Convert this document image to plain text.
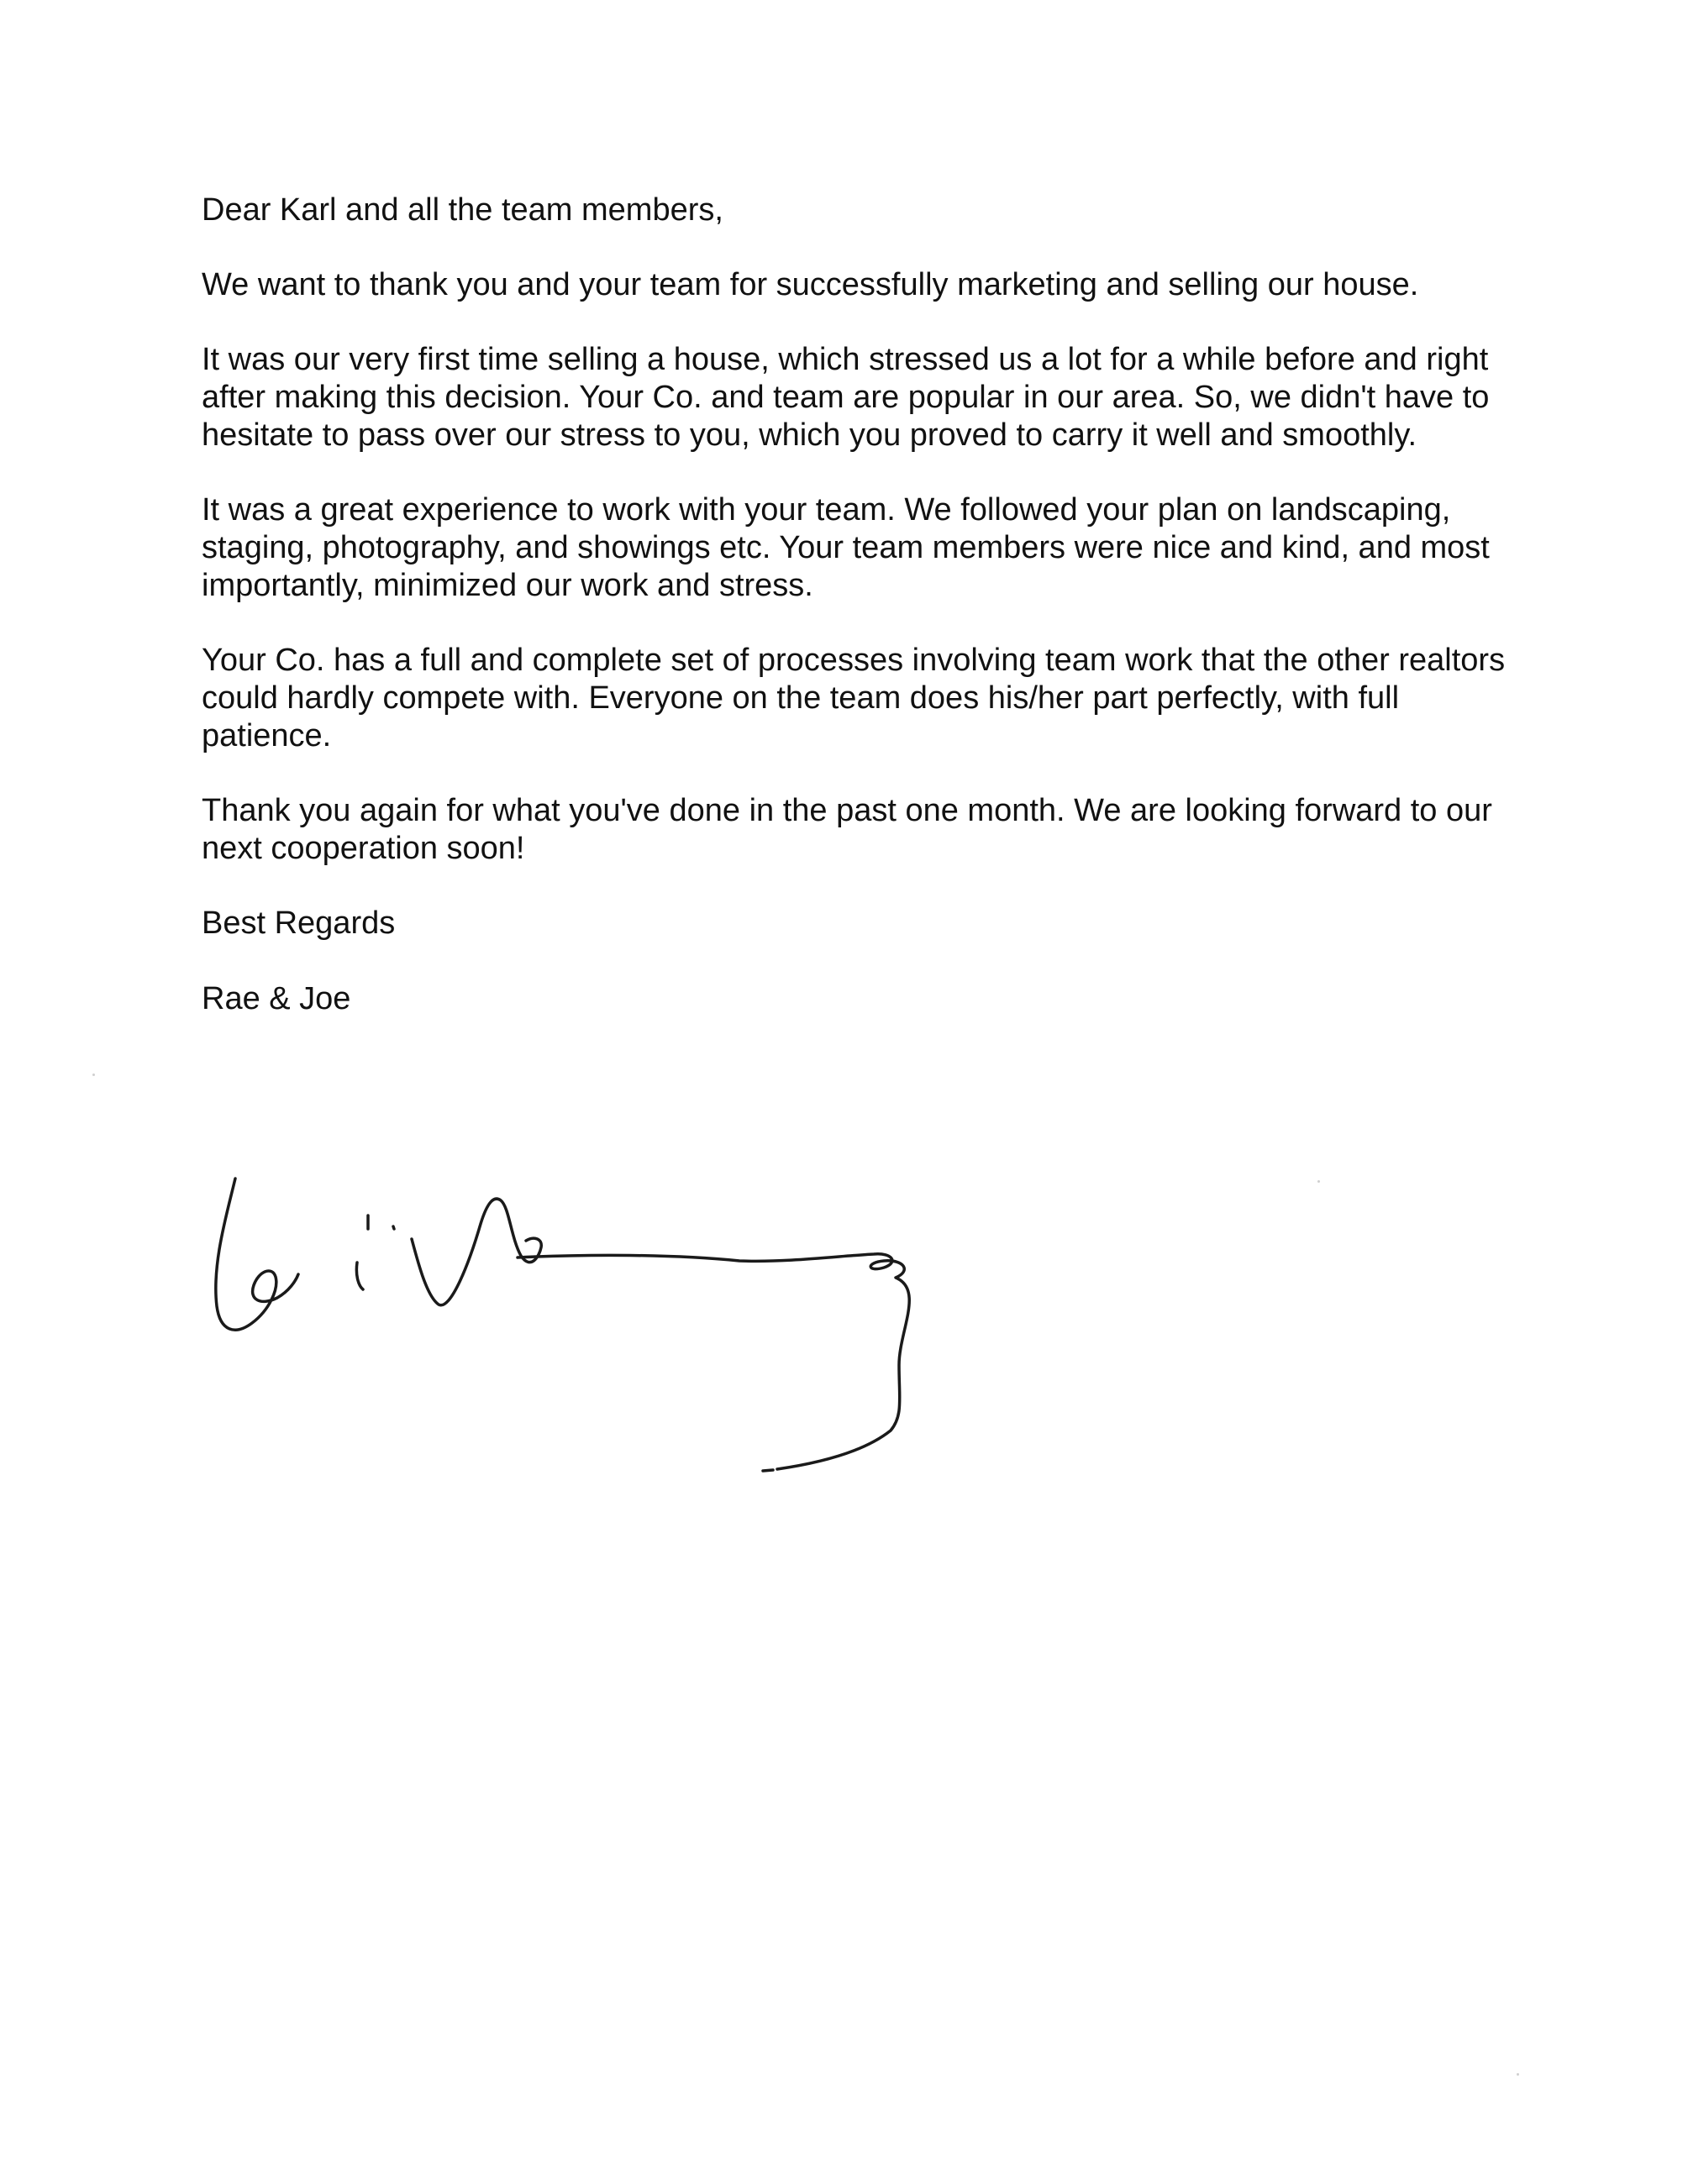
Dear Karl and all the team members,

We want to thank you and your team for successfully marketing and selling our house.

It was our very first time selling a house, which stressed us a lot for a while before and right after making this decision. Your Co. and team are popular in our area. So, we didn't have to hesitate to pass over our stress to you, which you proved to carry it well and smoothly.

It was a great experience to work with your team. We followed your plan on landscaping, staging, photography, and showings etc. Your team members were nice and kind, and most importantly, minimized our work and stress.

Your Co. has a full and complete set of processes involving team work that the other realtors could hardly compete with. Everyone on the team does his/her part perfectly, with full patience.

Thank you again for what you've done in the past one month. We are looking forward to our next cooperation soon!

Best Regards

Rae & Joe
